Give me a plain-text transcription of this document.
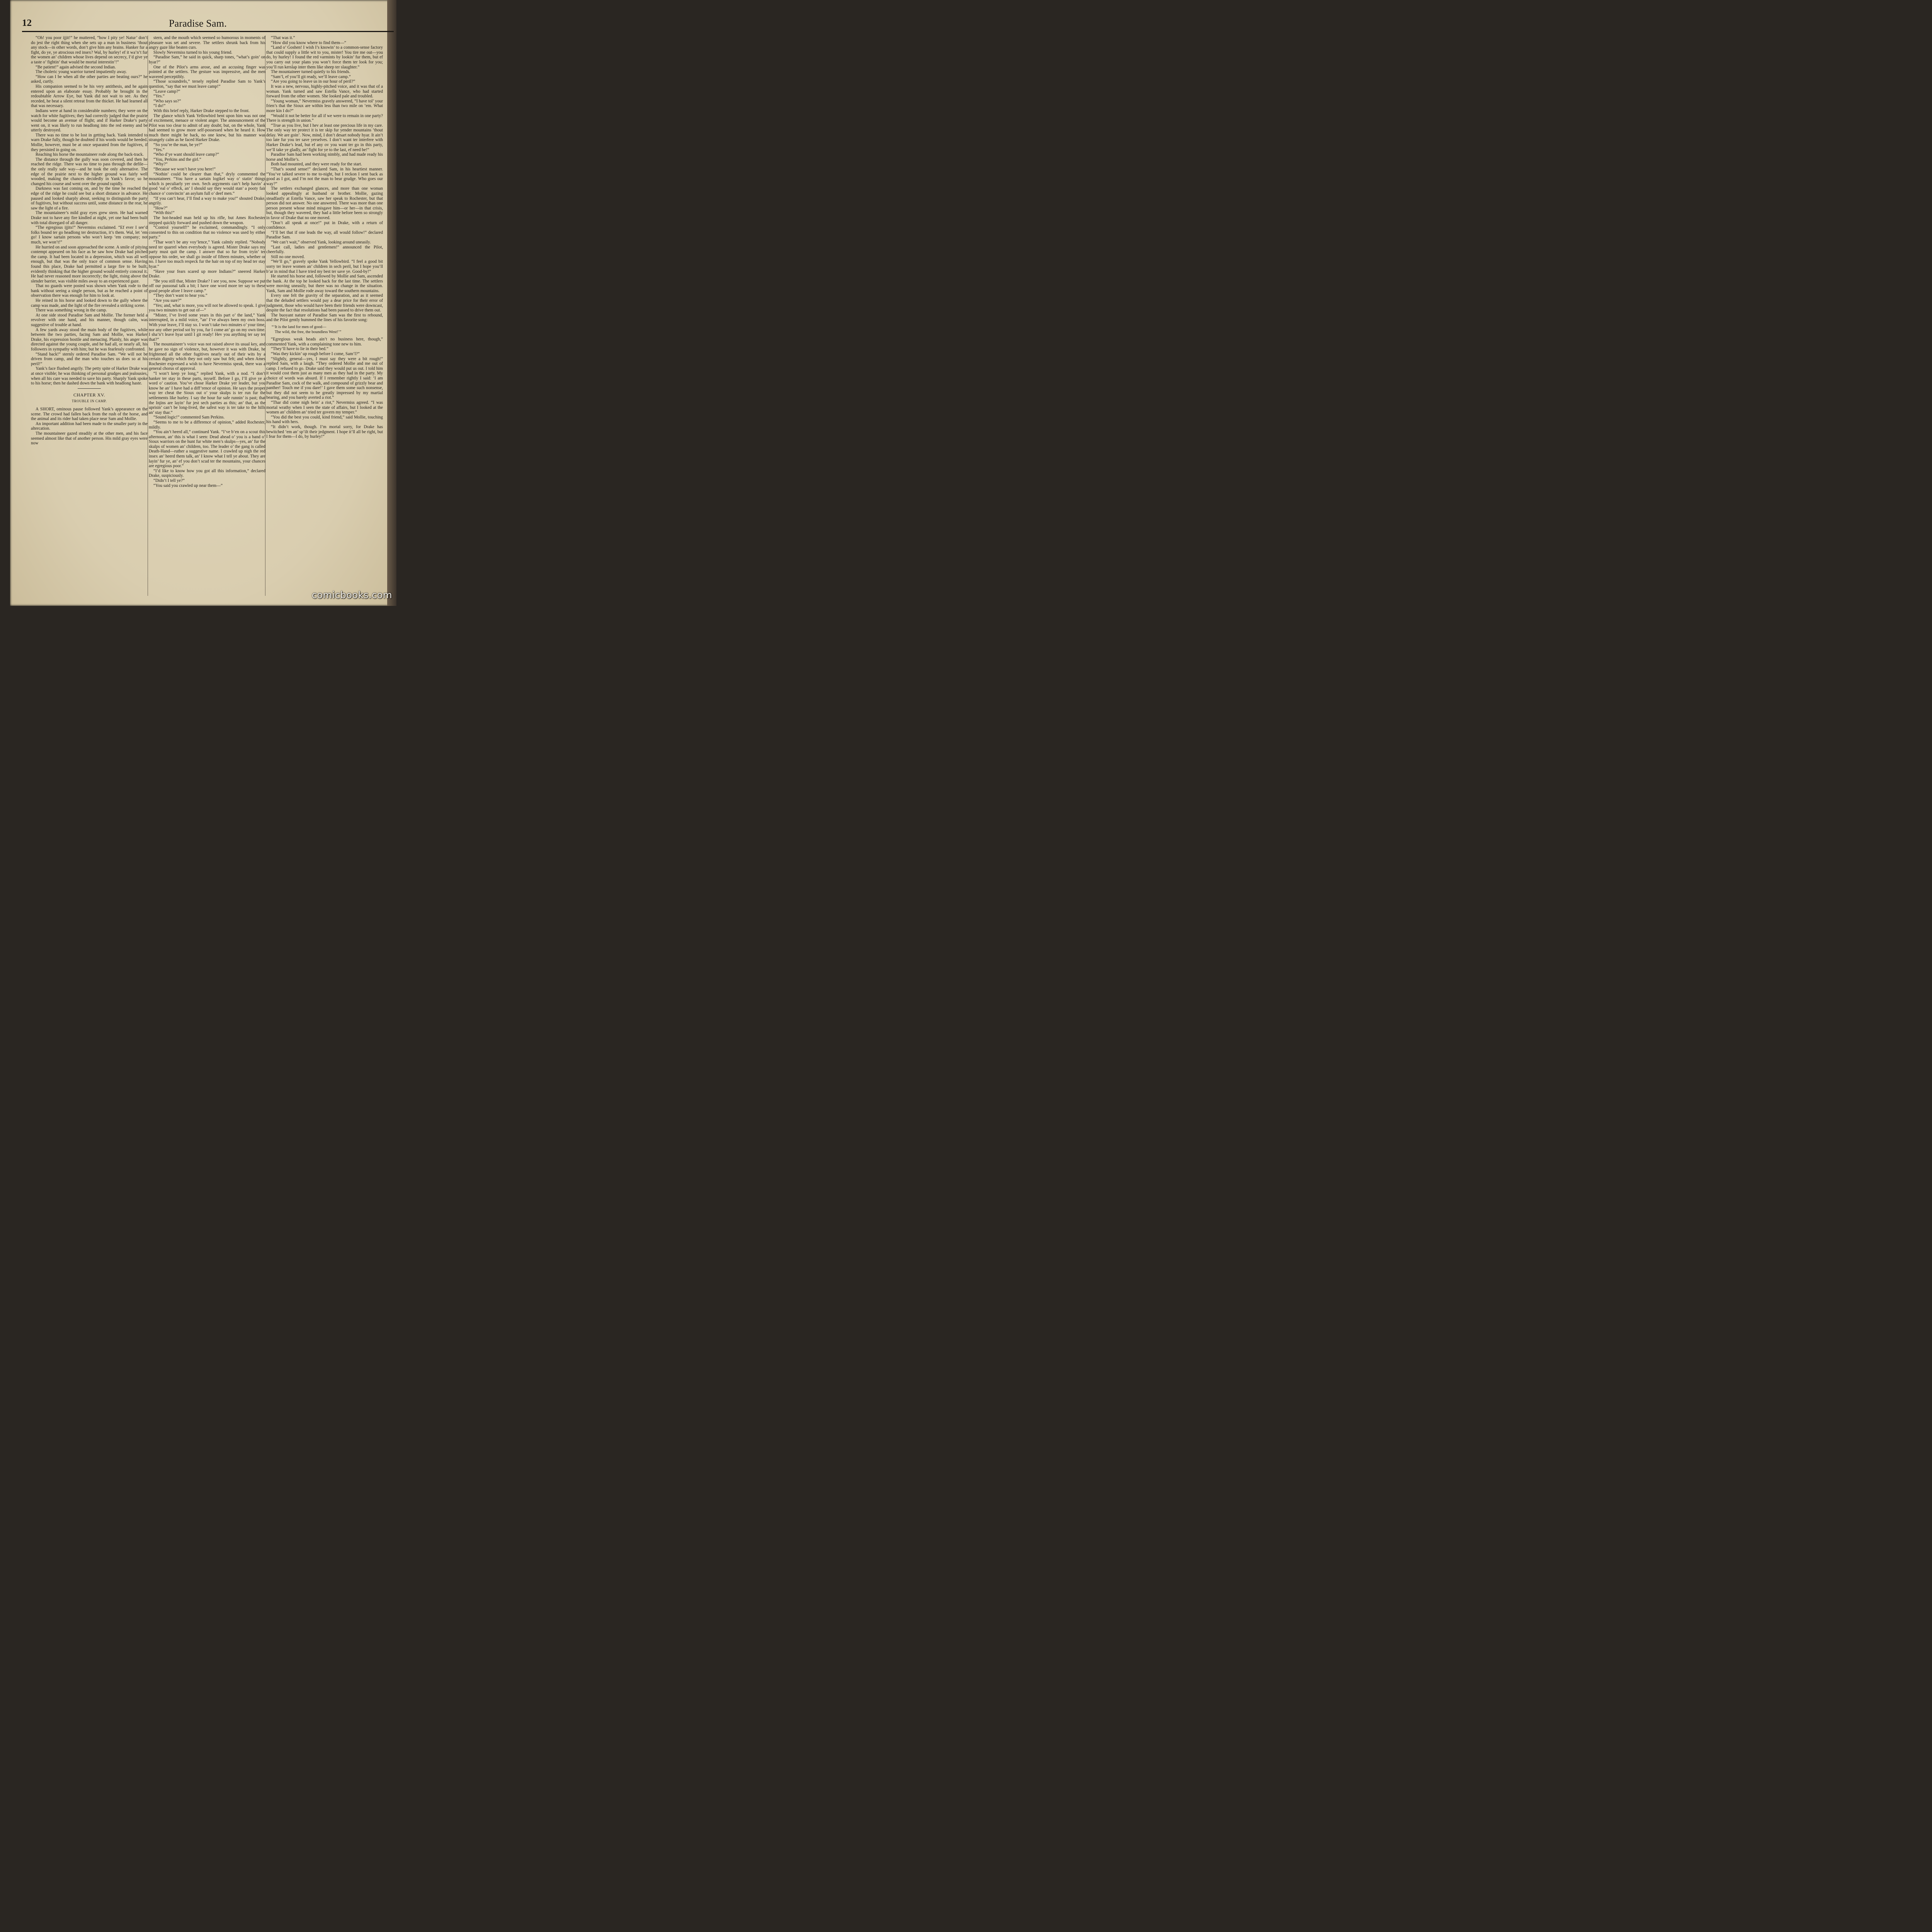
12	Paradise Sam.

“Oh! you poor ijjit!” he muttered, “how I pity ye! Natur’ don’t do jest the right thing when she sets up a man in business ’thout any stock—in other words, don’t give him any brains. Hanker fur a fight, do ye, ye atrocious red insex? Wal, by hurley! ef it wa’n’t fur the women an’ children whose lives depend on secrecy, I’d give ye a taste o’ fightin’ that would be mortal interestin’!”

“Be patient!” again advised the second Indian.

The choleric young warrior turned impatiently away.

“How can I be when all the other parties are beating ours?” he asked, curtly.

His companion seemed to be his very antithesis, and he again entered upon an elaborate essay. Probably he brought in the redoubtable Arrow Eye, but Yank did not wait to see. As they receded, he beat a silent retreat from the thicket. He had learned all that was necessary.

Indians were at hand in considerable numbers; they were on the watch for white fugitives; they had correctly judged that the prairie would become an avenue of flight; and if Harker Drake’s party went on, it was likely to run headlong into the red enemy and be utterly destroyed.

There was no time to be lost in getting back. Yank intended to warn Drake fully, though he doubted if his words would be heeded. Mollie, however, must be at once separated from the fugitives, if they persisted in going on.

Reaching his horse the mountaineer rode along the back-track.

The distance through the gully was soon covered, and then he reached the ridge. There was no time to pass through the defile—the only really safe way—and he took the only alternative. The edge of the prairie next to the higher ground was fairly well wooded, making the chances decidedly in Yank’s favor; so he changed his course and went over the ground rapidly.

Darkness was fast coming on, and by the time he reached the edge of the ridge he could see but a short distance in advance. He paused and looked sharply about, seeking to distinguish the party of fugitives, but without success until, some distance in the rear, he saw the light of a fire.

The mountaineer’s mild gray eyes grew stern. He had warned Drake not to have any fire kindled at night, yet one had been built with total disregard of all danger.

“The egregious ijjits!” Nevermiss exclaimed. “Ef ever I see’d folks bound ter go headlong ter destruction, it’s them. Wal, let ’em go! I know sartain persons who won’t keep ’em company; not much, we won’t!”

He hurried on and soon approached the scene. A smile of pitying contempt appeared on his face as he saw how Drake had pitched the camp. It had been located in a depression, which was all well enough, but that was the only trace of common sense. Having found this place, Drake had permitted a large fire to be built, evidently thinking that the higher ground would entirely conceal it. He had never reasoned more incorrectly; the light, rising above the slender barrier, was visible miles away to an experienced gaze.

That no guards were posted was shown when Yank rode to the bank without seeing a single person, but as he reached a point of observation there was enough for him to look at.

He reined in his horse and looked down to the gully where the camp was made, and the light of the fire revealed a striking scene.

There was something wrong in the camp.

At one side stood Paradise Sam and Mollie. The former held a revolver with one hand, and his manner, though calm, was suggestive of trouble at hand.

A few yards away stood the main body of the fugitives, while between the two parties, facing Sam and Mollie, was Harker Drake, his expression hostile and menacing. Plainly, his anger was directed against the young couple, and he had all, or nearly all, his followers in sympathy with him; but he was fearlessly confronted.

“Stand back!” sternly ordered Paradise Sam. “We will not be driven from camp, and the man who touches us does so at his peril!”

Yank’s face flushed angrily. The petty spite of Harker Drake was at once visible; he was thinking of personal grudges and jealousies, when all his care was needed to save his party. Sharply Yank spoke to his horse; then he dashed down the bank with headlong haste.

CHAPTER XV.

TROUBLE IN CAMP.

A SHORT, ominous pause followed Yank’s appearance on the scene. The crowd had fallen back from the rush of the horse, and the animal and its rider had taken place near Sam and Mollie.

An important addition had been made to the smaller party in the altercation.

The mountaineer gazed steadily at the other men, and his face seemed almost like that of another person. His mild gray eyes were now

stern, and the mouth which seemed so humorous in moments of pleasure was set and severe. The settlers shrunk back from his angry gaze like beaten curs.

Slowly Nevermiss turned to his young friend.

“Paradise Sam,” he said in quick, sharp tones, “what’s goin’ on hyar?”

One of the Pilot’s arms arose, and an accusing finger was pointed at the settlers. The gesture was impressive, and the men wavered perceptibly.

“Those scoundrels,” tersely replied Paradise Sam to Yank’s question, “say that we must leave camp!”

“Leave camp?”

“Yes.”

“Who says so?”

“I do!”

With this brief reply, Harker Drake stepped to the front.

The glance which Yank Yellowbird bent upon him was not one of excitement, menace or violent anger. The announcement of the Pilot was too clear to admit of any doubt; but, on the whole, Yank had seemed to grow more self-possessed when he heard it. How much there might be back, no one knew, but his manner was strangely calm as he faced Harker Drake.

“So you’re the man, be ye?”

“Yes.”

“Who d’ye want should leave camp?”

“You, Perkins and the girl.”

“Why?”

“Because we won’t have you here!”

“Nothin’ could be clearer than that,” dryly commented the mountaineer. “You have a sartain logikel way o’ statin’ things which is peculiarly yer own. Sech argyments can’t help havin’ a good ’eal o’ effeck, an’ I should say they would stan’ a pooty fair chance o’ convincin’ an asylum full o’ deef men.”

“If you can’t hear, I’ll find a way to make you!” shouted Drake, angrily.

“How?”

“With this!”

The hot-headed man held up his rifle, but Ames Rochester stepped quickly forward and pushed down the weapon.

“Control yourself!” he exclaimed, commandingly. “I only consented to this on condition that no violence was used by either party.”

“Thar won’t be any voy’lence,” Yank calmly replied. “Nobody need ter quarrel when everybody is agreed. Mister Drake says my party must quit the camp. I answer that so fur from tryin’ ter oppose his order, we shall go inside of fifteen minutes, whether or no. I have too much respeck fur the hair on top of my head ter stay hyar.”

“Have your fears scared up more Indians?” sneered Harker Drake.

“Be you still thar, Mister Drake? I see you, now. Suppose we put off our pussonal talk a bit; I have one word more ter say to these good people afore I leave camp.”

“They don’t want to hear you.”

“Are you sure?”

“Yes; and, what is more, you will not be allowed to speak. I give you two minutes to get out of—”

“Mister, I’ve lived some years in this part o’ the land,” Yank interrupted, in a mild voice, “an’ I’ve always been my own boss. With your leave, I’ll stay so. I won’t take two minutes o’ your time, nor any other period sot by you, fur I come an’ go on my own time. I sha’n’t leave hyar until I git ready! Hev you anything ter say ter that?”

The mountaineer’s voice was not raised above its usual key, and he gave no sign of violence, but, however it was with Drake, he frightened all the other fugitives nearly out of their wits by a certain dignity which they not only saw but felt; and when Ames Rochester expressed a wish to have Nevermiss speak, there was a general chorus of approval.

“I won’t keep ye long,” replied Yank, with a nod. “I don’t hanker ter stay in these parts, myself. Before I go, I’ll give ye a word o’ caution. You’ve chose Harker Drake yer leader, but you know he an’ I have had a diff’rence of opinion. He says the proper way ter cheat the Sioux out o’ your skulps is ter run fur the settlements like hurley. I say the hour fur safe runnin’ is past; that the Injins are layin’ fur jest sech parties as this; an’ that, as the uprisin’ can’t be long-lived, the safest way is ter take to the hills an’ stay thar.”

“Sound logic!” commented Sam Perkins.

“Seems to me to be a difference of opinion,” added Rochester, mildly.

“You ain’t heerd all,” continued Yank. “I’ve b’en on a scout this afternoon, an’ this is what I seen: Dead ahead o’ you is a band o’ Sioux warriors on the hunt fur white men’s skulps—yes, an’ fur the skulps of women an’ children, too. The leader o’ the gang is called Death-Hand—ruther a suggestive name. I crawled up nigh the red insex an’ heerd them talk, an’ I know what I tell ye about. They are layin’ fur ye, an’ ef you don’t scud ter the mountains, your chances are egregious poor.”

“I’d like to know how you got all this information,” declared Drake, suspiciously.

“Didn’t I tell ye?”

“You said you crawled up near them—”

“That was it.”

“How did you know where to find them—”

“Land o’ Goshen! I wish I’s knowin’ to a common-sense factory that could supply a little wit to you, mister! You tire me out—you do, by hurley! I found the red varmints by lookin’ fur them, but ef you carry out your plans you won’t force them ter look for you; you’ll run kerslap inter them like sheep ter slaughter.”

The mountaineer turned quietly to his friends.

“Sam’l, ef you’ll git ready, we’ll leave camp.”

“Are you going to leave us in our hour of peril?”

It was a new, nervous, highly-pitched voice, and it was that of a woman. Yank turned and saw Estella Vance, who had started forward from the other women. She looked pale and troubled.

“Young woman,” Nevermiss gravely answered, “I have tol’ your frien’s that the Sioux are within less than two mile on ’em. What more kin I do?”

“Would it not be better for all if we were to remain in one party? There is strength in union.”

“True as you live, but I hev at least one precious life in my care. The only way ter protect it is ter skip fur yender mountains ’thout delay. We are goin’. Now, mind, I don’t desart nobody hyar. It ain’t too late fur you ter save yerselves. I don’t want ter interfere with Harker Drake’s lead, but ef any ov you want ter go in this party, we’ll take ye gladly, an’ fight for ye to the last, ef need be!”

Paradise Sam had been working nimbly, and had made ready his horse and Mollie’s.

Both had mounted, and they were ready for the start.

“That’s sound sense!” declared Sam, in his heartiest manner. “You’ve talked severe to me to-night, but I reckon I sent back as good as I got, and I’m not the man to bear grudge. Who goes our way?”

The settlers exchanged glances, and more than one woman looked appealingly at husband or brother. Mollie, gazing steadfastly at Estella Vance, saw her speak to Rochester, but that person did not answer. No one answered. There was more than one person present whose mind misgave him—or her—in that crisis, but, though they wavered, they had a little before been so strongly in favor of Drake that no one moved.

“Don’t all speak at once!” put in Drake, with a return of confidence.

“I’ll bet that if one leads the way, all would follow!” declared Paradise Sam.

“We can’t wait,” observed Yank, looking around uneasily.

“Last call, ladies and gentlemen!” announced the Pilot, cheerfully.

Still no one moved.

“We’ll go,” gravely spoke Yank Yellowbird. “I feel a good bit sorry ter leave women an’ children in sech peril, but I hope you’ll b’ar in mind that I have tried my best ter save ye. Good-by!”

He started his horse and, followed by Mollie and Sam, ascended the bank. At the top he looked back for the last time. The settlers were moving uneasily, but there was no change in the situation. Yank, Sam and Mollie rode away toward the southern mountains.

Every one felt the gravity of the separation, and as it seemed that the deluded settlers would pay a dear price for their error of judgment, those who would have been their friends were downcast, despite the fact that resolutions had been passed to drive them out.

The buoyant nature of Paradise Sam was the first to rebound, and the Pilot gently hummed the lines of his favorite song:

“‘It is the land for men of good—
The wild, the free, the boundless West!’”

“Egregious weak heads ain’t no business here, though,” commented Yank, with a complaining tone new to him.

“They’ll have to lie in their bed.”

“Was they kickin’ up rough before I come, Sam’l?”

“Slightly, general—yes, I must say they were a bit rough!” replied Sam, with a laugh. “They ordered Mollie and me out of camp. I refused to go. Drake said they would put us out. I told him it would cost them just as many men as they had in the party. My choice of words was absurd. If I remember rightly I said: ‘I am Paradise Sam, cock of the walk, and compound of grizzly bear and panther! Touch me if you dare!’ I gave them some such nonsense, but they did not seem to be greatly impressed by my martial bearing, and you barely averted a riot.”

“Thar did come nigh bein’ a riot,” Nevermiss agreed. “I was mortal wrathy when I seen the state of affairs, but I looked at the women an’ children an’ tried ter govern my temper.”

“You did the best you could, kind friend,” said Mollie, touching his hand with hers.

“It didn’t work, though. I’m mortal sorry, for Drake has bewitched ’em an’ sp’ilt their jedgment. I hope it’ll all be right, but I fear for them—I do, by hurley!”

comicbooks.com
